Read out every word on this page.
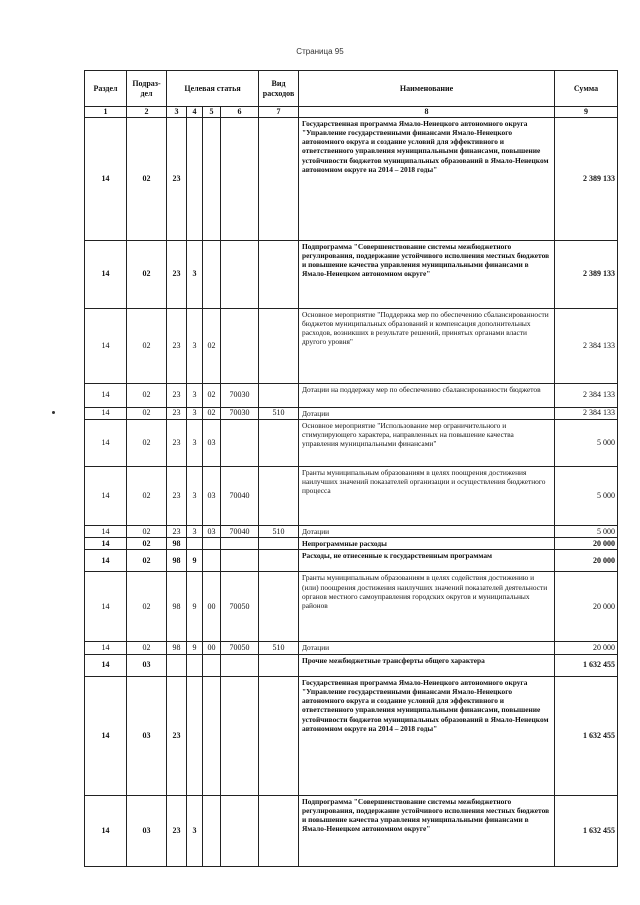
Страница 95
Раздел	Подраз-дел	Целевая статья				Вид расходов	Наименование	Сумма
1	2	3	4	5	6	7	8	9
14	02	23					Государственная программа Ямало-Ненецкого автономного округа "Управление государственными финансами Ямало-Ненецкого автономного округа и создание условий для эффективного и ответственного управления муниципальными финансами, повышение устойчивости бюджетов муниципальных образований в Ямало-Ненецком автономном округе на 2014 – 2018 годы"	2 389 133
14	02	23	3				Подпрограмма "Совершенствование системы межбюджетного регулирования, поддержание устойчивого исполнения местных бюджетов и повышение качества управления муниципальными финансами в Ямало-Ненецком автономном округе"	2 389 133
14	02	23	3	02			Основное мероприятие "Поддержка мер по обеспечению сбалансированности бюджетов муниципальных образований и компенсация дополнительных расходов, возникших в результате решений, принятых органами власти другого уровня"	2 384 133
14	02	23	3	02	70030		Дотации на поддержку мер по обеспечению сбалансированности бюджетов	2 384 133
14	02	23	3	02	70030	510	Дотации	2 384 133
14	02	23	3	03			Основное мероприятие "Использование мер ограничительного и стимулирующего характера, направленных на повышение качества управления муниципальными финансами"	5 000
14	02	23	3	03	70040		Гранты муниципальным образованиям в целях поощрения достижения наилучших значений показателей организации и осуществления бюджетного процесса	5 000
14	02	23	3	03	70040	510	Дотации	5 000
14	02	98					Непрограммные расходы	20 000
14	02	98	9				Расходы, не отнесенные к государственным программам	20 000
14	02	98	9	00	70050		Гранты муниципальным образованиям в целях содействия достижению и (или) поощрения достижения наилучших значений показателей деятельности органов местного самоуправления городских округов и муниципальных районов	20 000
14	02	98	9	00	70050	510	Дотации	20 000
14	03						Прочие межбюджетные трансферты общего характера	1 632 455
14	03	23					Государственная программа Ямало-Ненецкого автономного округа "Управление государственными финансами Ямало-Ненецкого автономного округа и создание условий для эффективного и ответственного управления муниципальными финансами, повышение устойчивости бюджетов муниципальных образований в Ямало-Ненецком автономном округе на 2014 – 2018 годы"	1 632 455
14	03	23	3				Подпрограмма "Совершенствование системы межбюджетного регулирования, поддержание устойчивого исполнения местных бюджетов и повышение качества управления муниципальными финансами в Ямало-Ненецком автономном округе"	1 632 455
